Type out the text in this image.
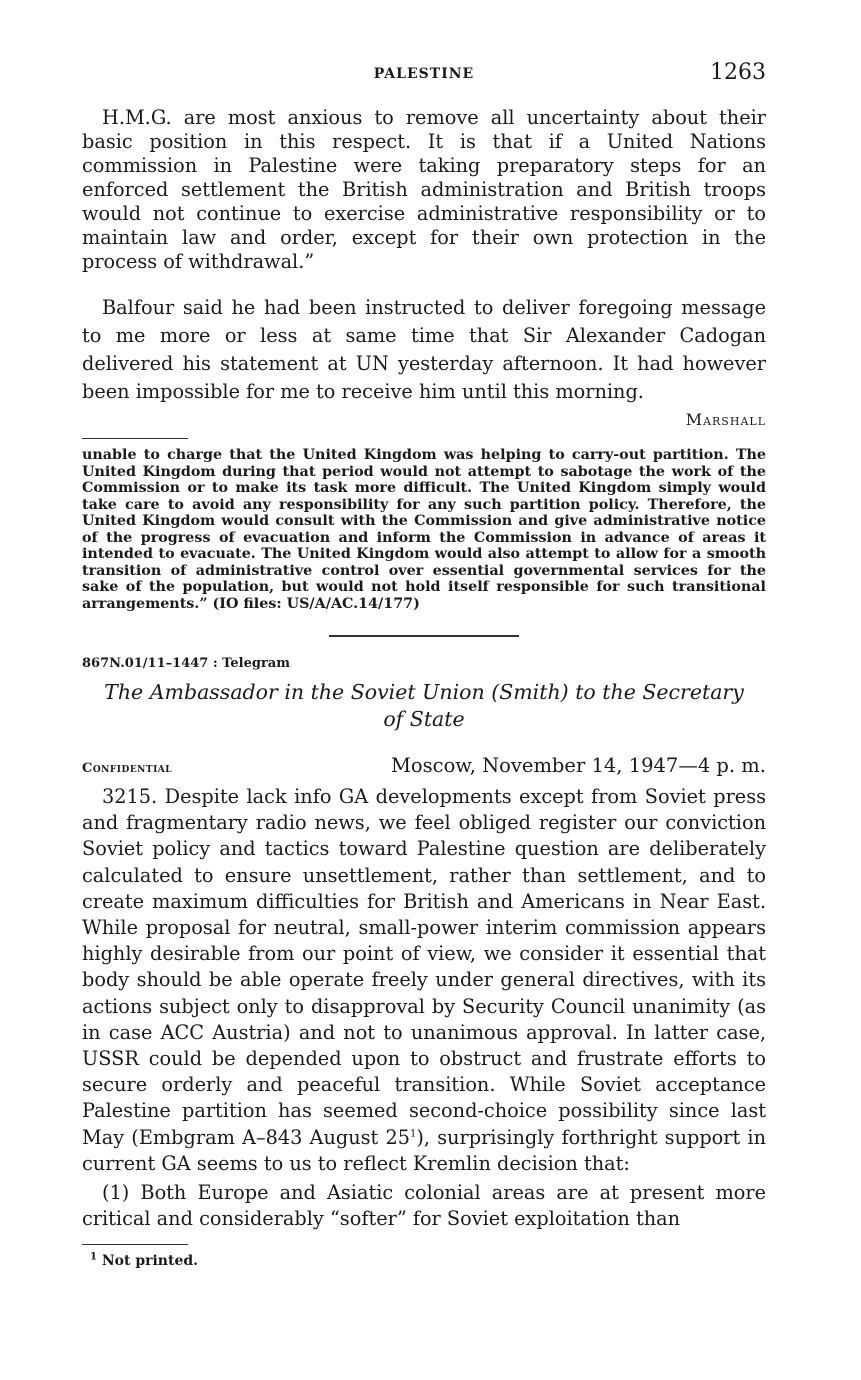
PALESTINE	1263

H.M.G. are most anxious to remove all uncertainty about their basic position in this respect. It is that if a United Nations commission in Palestine were taking preparatory steps for an enforced settlement the British administration and British troops would not continue to exercise administrative responsibility or to maintain law and order, except for their own protection in the process of withdrawal.”

Balfour said he had been instructed to deliver foregoing message to me more or less at same time that Sir Alexander Cadogan delivered his statement at UN yesterday afternoon. It had however been impossible for me to receive him until this morning.

Marshall

unable to charge that the United Kingdom was helping to carry-out partition. The United Kingdom during that period would not attempt to sabotage the work of the Commission or to make its task more difficult. The United Kingdom simply would take care to avoid any responsibility for any such partition policy. Therefore, the United Kingdom would consult with the Commission and give administrative notice of the progress of evacuation and inform the Commission in advance of areas it intended to evacuate. The United Kingdom would also attempt to allow for a smooth transition of administrative control over essential governmental services for the sake of the population, but would not hold itself responsible for such transitional arrangements.” (IO files: US/A/AC.14/177)

867N.01/11–1447 : Telegram
The Ambassador in the Soviet Union (Smith) to the Secretary of State
Confidential	Moscow, November 14, 1947—4 p. m.

3215. Despite lack info GA developments except from Soviet press and fragmentary radio news, we feel obliged register our conviction Soviet policy and tactics toward Palestine question are deliberately calculated to ensure unsettlement, rather than settlement, and to create maximum difficulties for British and Americans in Near East. While proposal for neutral, small-power interim commission appears highly desirable from our point of view, we consider it essential that body should be able operate freely under general directives, with its actions subject only to disapproval by Security Council unanimity (as in case ACC Austria) and not to unanimous approval. In latter case, USSR could be depended upon to obstruct and frustrate efforts to secure orderly and peaceful transition. While Soviet acceptance Palestine partition has seemed second-choice possibility since last May (Embgram A–843 August 25$^1$), surprisingly forthright support in current GA seems to us to reflect Kremlin decision that:

(1) Both Europe and Asiatic colonial areas are at present more critical and considerably “softer” for Soviet exploitation than

$^1$ Not printed.
